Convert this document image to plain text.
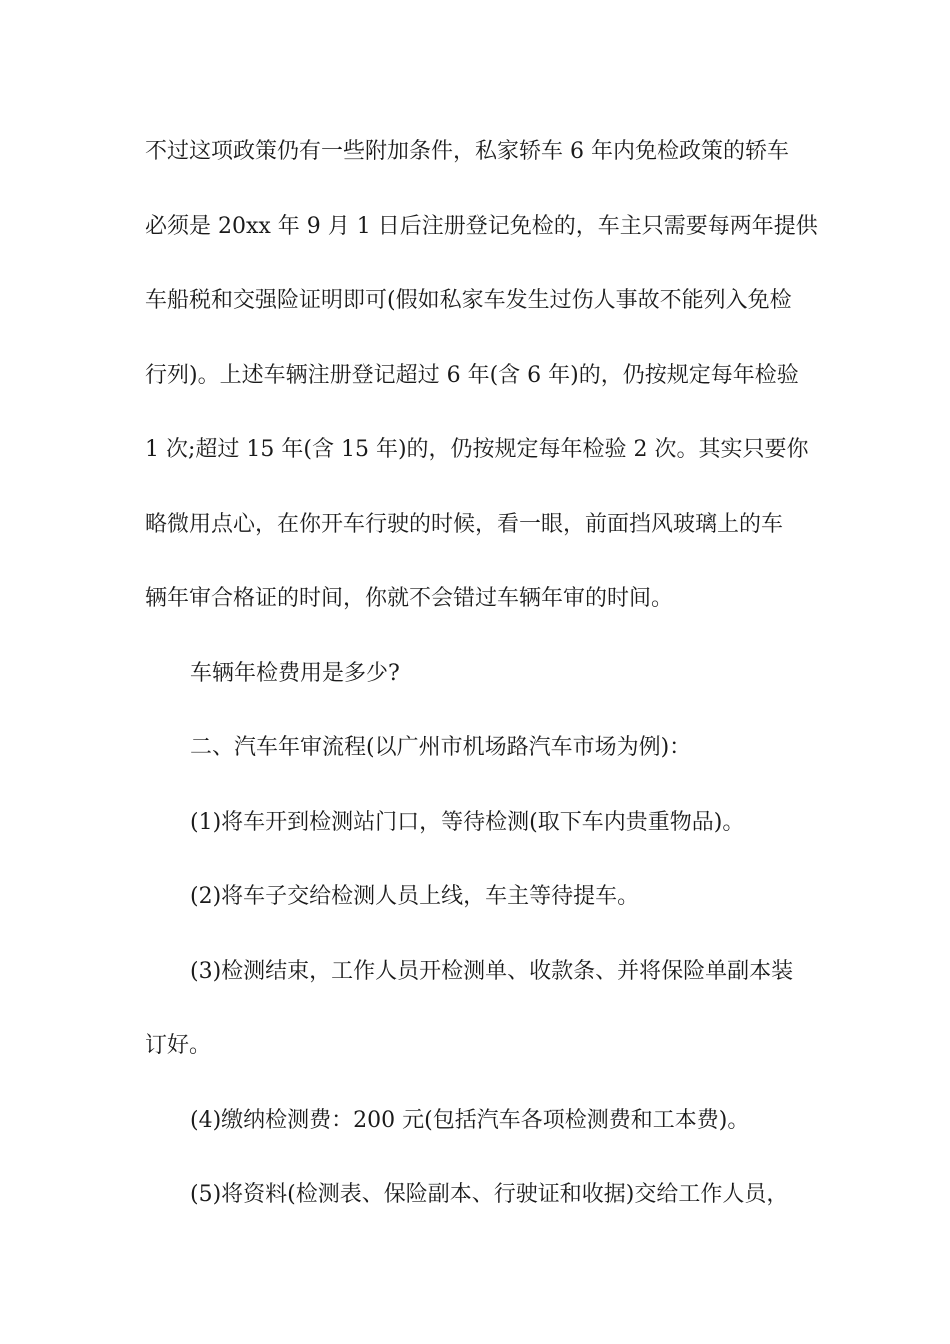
不过这项政策仍有一些附加条件，私家轿车 6 年内免检政策的轿车
必须是 20xx 年 9 月 1 日后注册登记免检的，车主只需要每两年提供
车船税和交强险证明即可(假如私家车发生过伤人事故不能列入免检
行列)。上述车辆注册登记超过 6 年(含 6 年)的，仍按规定每年检验
1 次;超过 15 年(含 15 年)的，仍按规定每年检验 2 次。其实只要你
略微用点心，在你开车行驶的时候，看一眼，前面挡风玻璃上的车
辆年审合格证的时间，你就不会错过车辆年审的时间。
车辆年检费用是多少?
二、汽车年审流程(以广州市机场路汽车市场为例)：
(1)将车开到检测站门口，等待检测(取下车内贵重物品)。
(2)将车子交给检测人员上线，车主等待提车。
(3)检测结束，工作人员开检测单、收款条、并将保险单副本装
订好。
(4)缴纳检测费：200 元(包括汽车各项检测费和工本费)。
(5)将资料(检测表、保险副本、行驶证和收据)交给工作人员，
